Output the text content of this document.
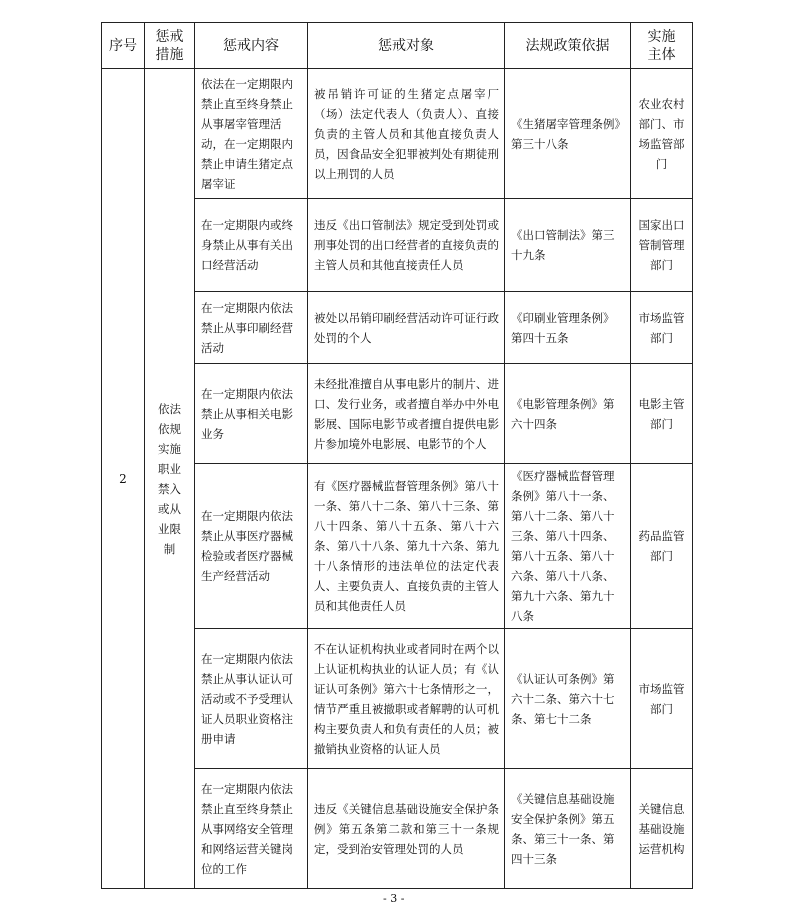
序号	惩戒措施	惩戒内容	惩戒对象	法规政策依据	实施主体
2	依法依规实施职业禁入或从业限制	依法在一定期限内禁止直至终身禁止从事屠宰管理活动，在一定期限内禁止申请生猪定点屠宰证	被吊销许可证的生猪定点屠宰厂（场）法定代表人（负责人）、直接负责的主管人员和其他直接负责人员，因食品安全犯罪被判处有期徒刑以上刑罚的人员	《生猪屠宰管理条例》第三十八条	农业农村部门、市场监管部门
		在一定期限内或终身禁止从事有关出口经营活动	违反《出口管制法》规定受到处罚或刑事处罚的出口经营者的直接负责的主管人员和其他直接责任人员	《出口管制法》第三十九条	国家出口管制管理部门
		在一定期限内依法禁止从事印刷经营活动	被处以吊销印刷经营活动许可证行政处罚的个人	《印刷业管理条例》第四十五条	市场监管部门
		在一定期限内依法禁止从事相关电影业务	未经批准擅自从事电影片的制片、进口、发行业务，或者擅自举办中外电影展、国际电影节或者擅自提供电影片参加境外电影展、电影节的个人	《电影管理条例》第六十四条	电影主管部门
		在一定期限内依法禁止从事医疗器械检验或者医疗器械生产经营活动	有《医疗器械监督管理条例》第八十一条、第八十二条、第八十三条、第八十四条、第八十五条、第八十六条、第八十八条、第九十六条、第九十八条情形的违法单位的法定代表人、主要负责人、直接负责的主管人员和其他责任人员	《医疗器械监督管理条例》第八十一条、第八十二条、第八十三条、第八十四条、第八十五条、第八十六条、第八十八条、第九十六条、第九十八条	药品监管部门
		在一定期限内依法禁止从事认证认可活动或不予受理认证人员职业资格注册申请	不在认证机构执业或者同时在两个以上认证机构执业的认证人员；有《认证认可条例》第六十七条情形之一，情节严重且被撤职或者解聘的认可机构主要负责人和负有责任的人员；被撤销执业资格的认证人员	《认证认可条例》第六十二条、第六十七条、第七十二条	市场监管部门
		在一定期限内依法禁止直至终身禁止从事网络安全管理和网络运营关键岗位的工作	违反《关键信息基础设施安全保护条例》第五条第二款和第三十一条规定，受到治安管理处罚的人员	《关键信息基础设施安全保护条例》第五条、第三十一条、第四十三条	关键信息基础设施运营机构
- 3 -
